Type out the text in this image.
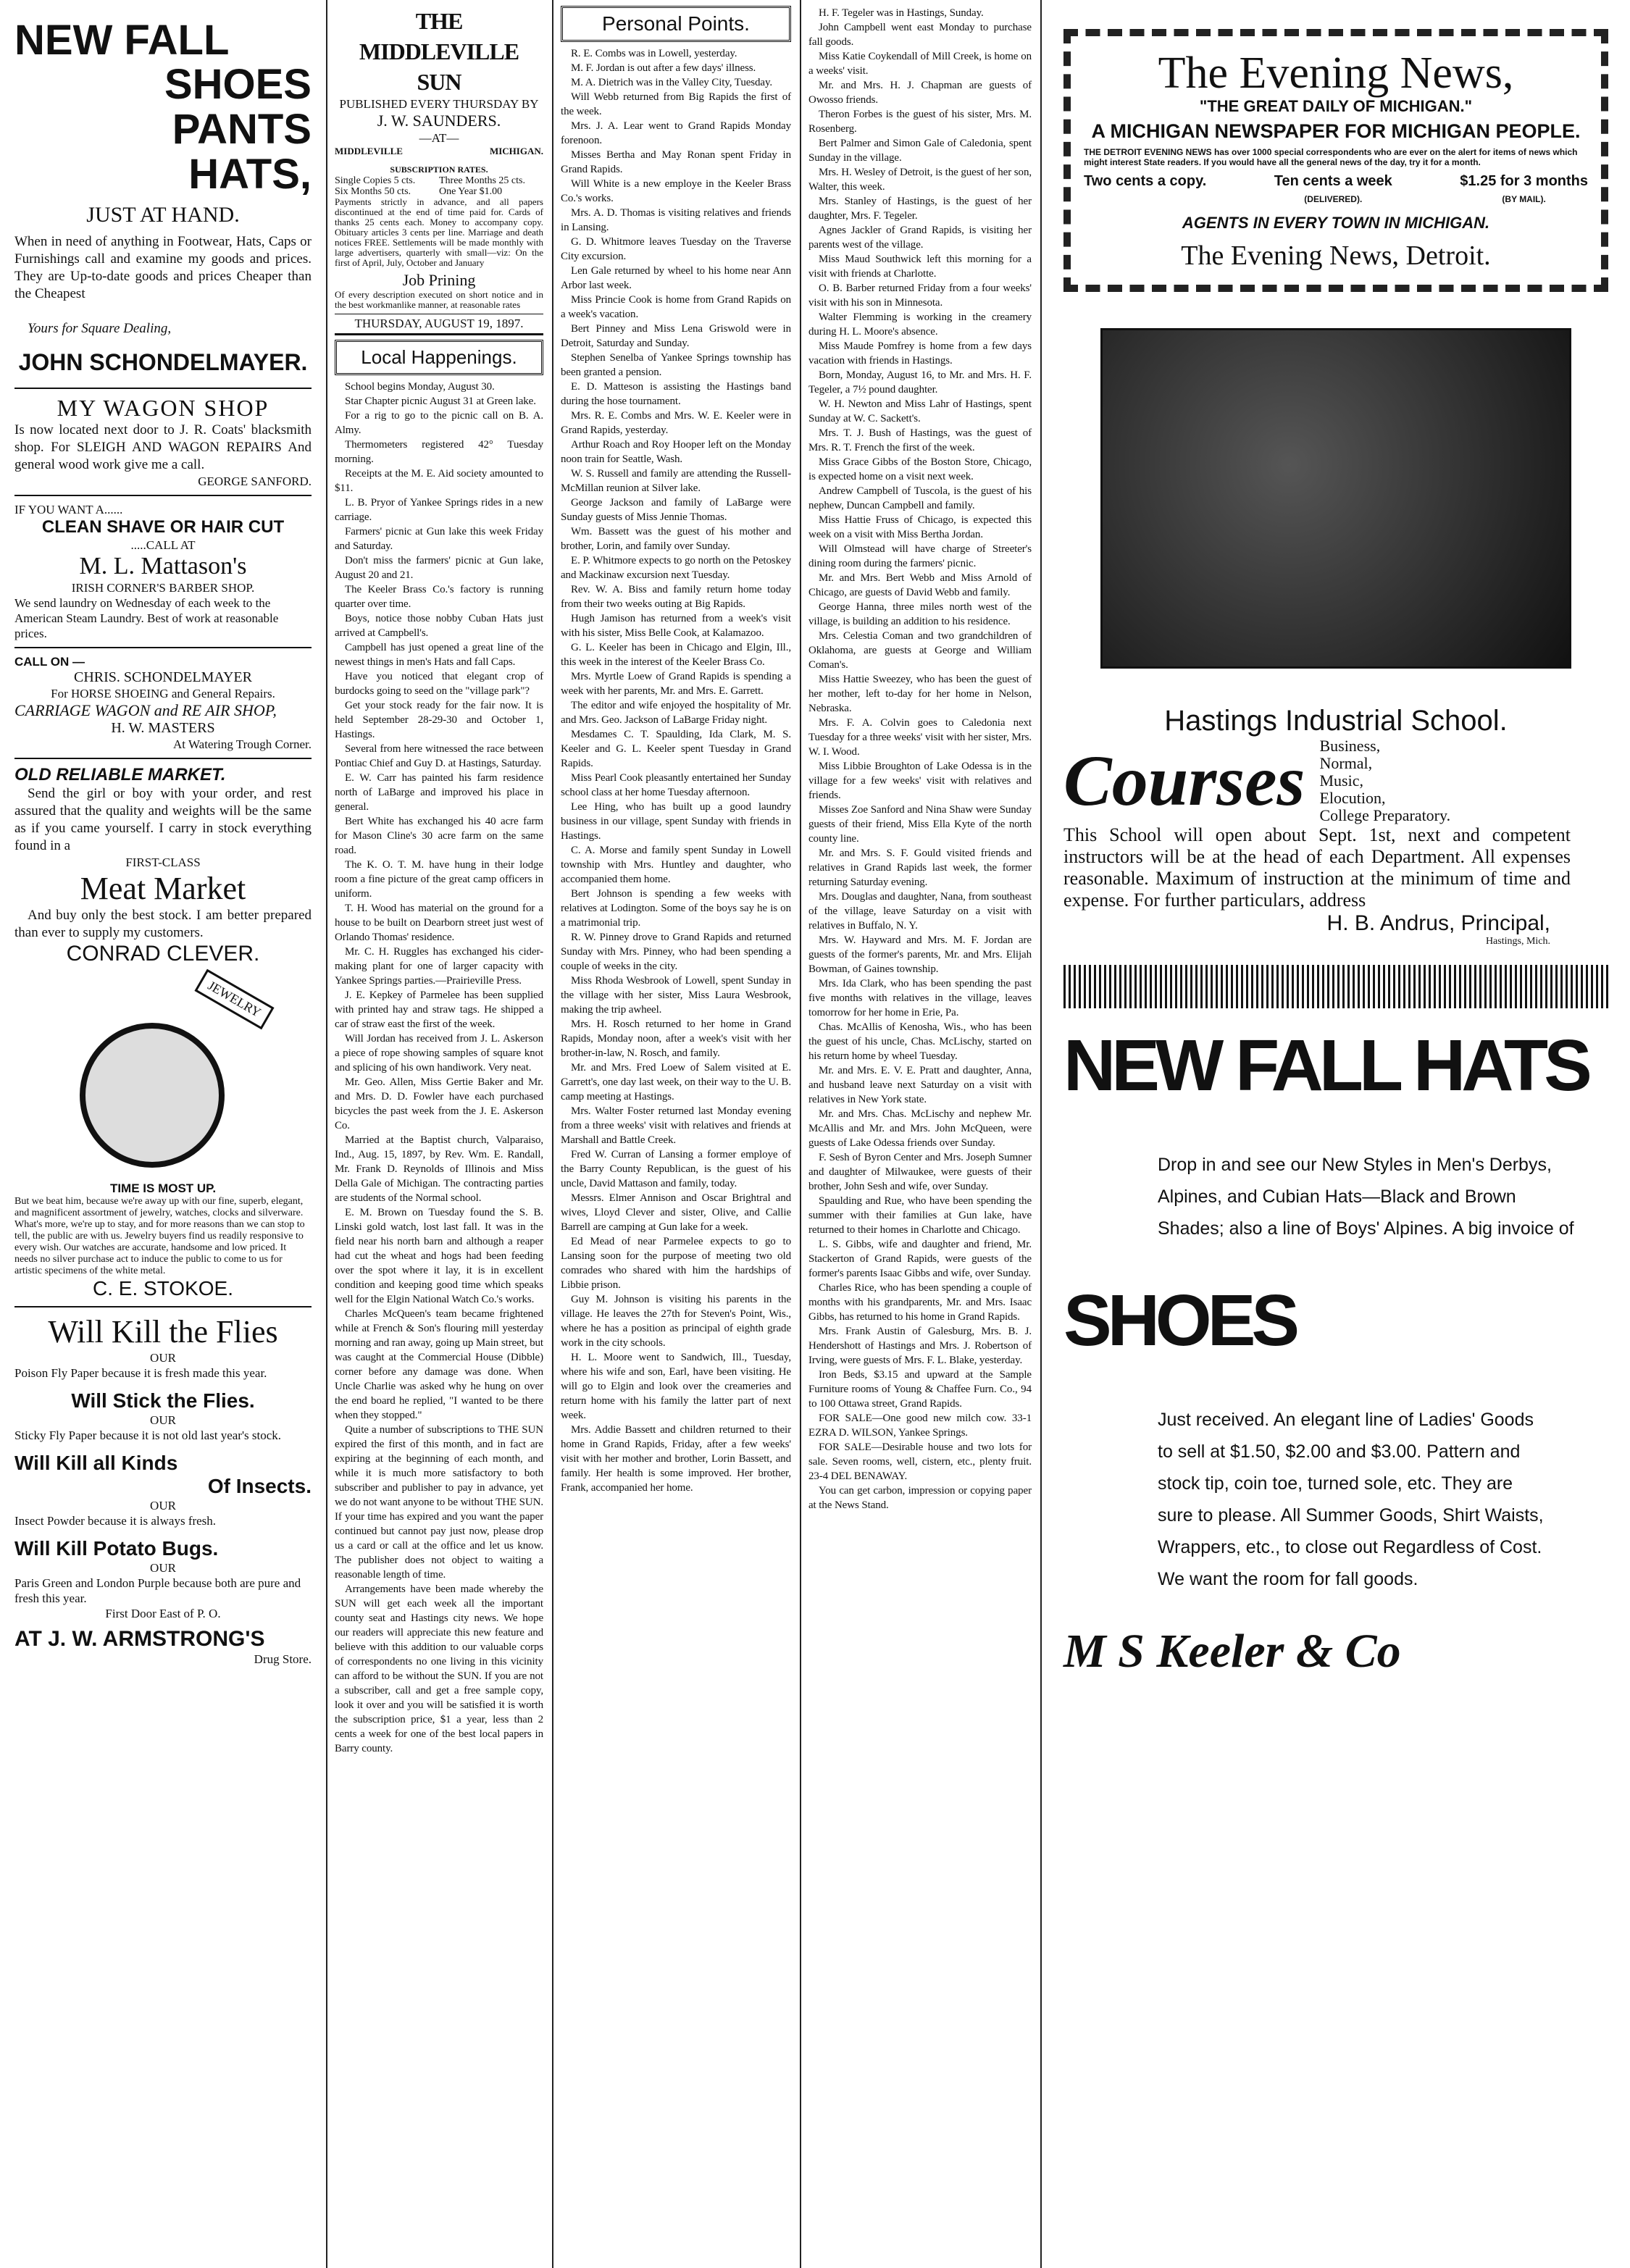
NEW FALL
SHOES
PANTS
HATS,
JUST AT HAND.

When in need of anything in Footwear, Hats, Caps or Furnishings call and examine my goods and prices. They are Up-to-date goods and prices Cheaper than the Cheapest

Yours for Square Dealing,

JOHN SCHONDELMAYER.
MY WAGON SHOP

Is now located next door to J. R. Coats' blacksmith shop. For SLEIGH AND WAGON REPAIRS And general wood work give me a call.

GEORGE SANFORD.
IF YOU WANT A......
CLEAN SHAVE OR HAIR CUT
.....CALL AT
M. L. Mattason's
IRISH CORNER'S BARBER SHOP.

We send laundry on Wednesday of each week to the American Steam Laundry. Best of work at reasonable prices.

CALL ON —
CHRIS. SCHONDELMAYER
For HORSE SHOEING and General Repairs.
CARRIAGE WAGON and RE AIR SHOP,
H. W. MASTERS
At Watering Trough Corner.
OLD RELIABLE MARKET.

Send the girl or boy with your order, and rest assured that the quality and weights will be the same as if you came yourself. I carry in stock everything found in a

FIRST-CLASS
Meat Market

And buy only the best stock. I am better prepared than ever to supply my customers.

CONRAD CLEVER.
JEWELRY
TIME IS MOST UP.

But we beat him, because we're away up with our fine, superb, elegant, and magnificent assortment of jewelry, watches, clocks and silverware. What's more, we're up to stay, and for more reasons than we can stop to tell, the public are with us. Jewelry buyers find us readily responsive to every wish. Our watches are accurate, handsome and low priced. It needs no silver purchase act to induce the public to come to us for artistic specimens of the white metal.

C. E. STOKOE.
Will Kill the Flies
OUR

Poison Fly Paper because it is fresh made this year.

Will Stick the Flies.
OUR

Sticky Fly Paper because it is not old last year's stock.

Will Kill all Kinds
Of Insects.
OUR

Insect Powder because it is always fresh.

Will Kill Potato Bugs.
OUR

Paris Green and London Purple because both are pure and fresh this year.

First Door East of P. O.
AT J. W. ARMSTRONG'S
Drug Store.
THE MIDDLEVILLE SUN
PUBLISHED EVERY THURSDAY BY
J. W. SAUNDERS.
—AT—
MIDDLEVILLE	MICHIGAN.
SUBSCRIPTION RATES.
Single Copies 5 cts.	Three Months 25 cts.
Six Months 50 cts.	One Year $1.00

Payments strictly in advance, and all papers discontinued at the end of time paid for. Cards of thanks 25 cents each. Money to accompany copy. Obituary articles 3 cents per line. Marriage and death notices FREE. Settlements will be made monthly with large advertisers, quarterly with small—viz: On the first of April, July, October and January

Job Prining

Of every description executed on short notice and in the best workmanlike manner, at reasonable rates

THURSDAY, AUGUST 19, 1897.
Local Happenings.

School begins Monday, August 30.

Star Chapter picnic August 31 at Green lake.

For a rig to go to the picnic call on B. A. Almy.

Thermometers registered 42° Tuesday morning.

Receipts at the M. E. Aid society amounted to $11.

L. B. Pryor of Yankee Springs rides in a new carriage.

Farmers' picnic at Gun lake this week Friday and Saturday.

Don't miss the farmers' picnic at Gun lake, August 20 and 21.

The Keeler Brass Co.'s factory is running quarter over time.

Boys, notice those nobby Cuban Hats just arrived at Campbell's.

Campbell has just opened a great line of the newest things in men's Hats and fall Caps.

Have you noticed that elegant crop of burdocks going to seed on the "village park"?

Get your stock ready for the fair now. It is held September 28-29-30 and October 1, Hastings.

Several from here witnessed the race between Pontiac Chief and Guy D. at Hastings, Saturday.

E. W. Carr has painted his farm residence north of LaBarge and improved his place in general.

Bert White has exchanged his 40 acre farm for Mason Cline's 30 acre farm on the same road.

The K. O. T. M. have hung in their lodge room a fine picture of the great camp officers in uniform.

T. H. Wood has material on the ground for a house to be built on Dearborn street just west of Orlando Thomas' residence.

Mr. C. H. Ruggles has exchanged his cider-making plant for one of larger capacity with Yankee Springs parties.—Prairieville Press.

J. E. Kepkey of Parmelee has been supplied with printed hay and straw tags. He shipped a car of straw east the first of the week.

Will Jordan has received from J. L. Askerson a piece of rope showing samples of square knot and splicing of his own handiwork. Very neat.

Mr. Geo. Allen, Miss Gertie Baker and Mr. and Mrs. D. D. Fowler have each purchased bicycles the past week from the J. E. Askerson Co.

Married at the Baptist church, Valparaiso, Ind., Aug. 15, 1897, by Rev. Wm. E. Randall, Mr. Frank D. Reynolds of Illinois and Miss Della Gale of Michigan. The contracting parties are students of the Normal school.

E. M. Brown on Tuesday found the S. B. Linski gold watch, lost last fall. It was in the field near his north barn and although a reaper had cut the wheat and hogs had been feeding over the spot where it lay, it is in excellent condition and keeping good time which speaks well for the Elgin National Watch Co.'s works.

Charles McQueen's team became frightened while at French & Son's flouring mill yesterday morning and ran away, going up Main street, but was caught at the Commercial House (Dibble) corner before any damage was done. When Uncle Charlie was asked why he hung on over the end board he replied, "I wanted to be there when they stopped."

Quite a number of subscriptions to THE SUN expired the first of this month, and in fact are expiring at the beginning of each month, and while it is much more satisfactory to both subscriber and publisher to pay in advance, yet we do not want anyone to be without THE SUN. If your time has expired and you want the paper continued but cannot pay just now, please drop us a card or call at the office and let us know. The publisher does not object to waiting a reasonable length of time.

Arrangements have been made whereby the SUN will get each week all the important county seat and Hastings city news. We hope our readers will appreciate this new feature and believe with this addition to our valuable corps of correspondents no one living in this vicinity can afford to be without the SUN. If you are not a subscriber, call and get a free sample copy, look it over and you will be satisfied it is worth the subscription price, $1 a year, less than 2 cents a week for one of the best local papers in Barry county.

Personal Points.

R. E. Combs was in Lowell, yesterday.

M. F. Jordan is out after a few days' illness.

M. A. Dietrich was in the Valley City, Tuesday.

Will Webb returned from Big Rapids the first of the week.

Mrs. J. A. Lear went to Grand Rapids Monday forenoon.

Misses Bertha and May Ronan spent Friday in Grand Rapids.

Will White is a new employe in the Keeler Brass Co.'s works.

Mrs. A. D. Thomas is visiting relatives and friends in Lansing.

G. D. Whitmore leaves Tuesday on the Traverse City excursion.

Len Gale returned by wheel to his home near Ann Arbor last week.

Miss Princie Cook is home from Grand Rapids on a week's vacation.

Bert Pinney and Miss Lena Griswold were in Detroit, Saturday and Sunday.

Stephen Senelba of Yankee Springs township has been granted a pension.

E. D. Matteson is assisting the Hastings band during the hose tournament.

Mrs. R. E. Combs and Mrs. W. E. Keeler were in Grand Rapids, yesterday.

Arthur Roach and Roy Hooper left on the Monday noon train for Seattle, Wash.

W. S. Russell and family are attending the Russell-McMillan reunion at Silver lake.

George Jackson and family of LaBarge were Sunday guests of Miss Jennie Thomas.

Wm. Bassett was the guest of his mother and brother, Lorin, and family over Sunday.

E. P. Whitmore expects to go north on the Petoskey and Mackinaw excursion next Tuesday.

Rev. W. A. Biss and family return home today from their two weeks outing at Big Rapids.

Hugh Jamison has returned from a week's visit with his sister, Miss Belle Cook, at Kalamazoo.

G. L. Keeler has been in Chicago and Elgin, Ill., this week in the interest of the Keeler Brass Co.

Mrs. Myrtle Loew of Grand Rapids is spending a week with her parents, Mr. and Mrs. E. Garrett.

The editor and wife enjoyed the hospitality of Mr. and Mrs. Geo. Jackson of LaBarge Friday night.

Mesdames C. T. Spaulding, Ida Clark, M. S. Keeler and G. L. Keeler spent Tuesday in Grand Rapids.

Miss Pearl Cook pleasantly entertained her Sunday school class at her home Tuesday afternoon.

Lee Hing, who has built up a good laundry business in our village, spent Sunday with friends in Hastings.

C. A. Morse and family spent Sunday in Lowell township with Mrs. Huntley and daughter, who accompanied them home.

Bert Johnson is spending a few weeks with relatives at Lodington. Some of the boys say he is on a matrimonial trip.

R. W. Pinney drove to Grand Rapids and returned Sunday with Mrs. Pinney, who had been spending a couple of weeks in the city.

Miss Rhoda Wesbrook of Lowell, spent Sunday in the village with her sister, Miss Laura Wesbrook, making the trip awheel.

Mrs. H. Rosch returned to her home in Grand Rapids, Monday noon, after a week's visit with her brother-in-law, N. Rosch, and family.

Mr. and Mrs. Fred Loew of Salem visited at E. Garrett's, one day last week, on their way to the U. B. camp meeting at Hastings.

Mrs. Walter Foster returned last Monday evening from a three weeks' visit with relatives and friends at Marshall and Battle Creek.

Fred W. Curran of Lansing a former employe of the Barry County Republican, is the guest of his uncle, David Mattason and family, today.

Messrs. Elmer Annison and Oscar Brightral and wives, Lloyd Clever and sister, Olive, and Callie Barrell are camping at Gun lake for a week.

Ed Mead of near Parmelee expects to go to Lansing soon for the purpose of meeting two old comrades who shared with him the hardships of Libbie prison.

Guy M. Johnson is visiting his parents in the village. He leaves the 27th for Steven's Point, Wis., where he has a position as principal of eighth grade work in the city schools.

H. L. Moore went to Sandwich, Ill., Tuesday, where his wife and son, Earl, have been visiting. He will go to Elgin and look over the creameries and return home with his family the latter part of next week.

Mrs. Addie Bassett and children returned to their home in Grand Rapids, Friday, after a few weeks' visit with her mother and brother, Lorin Bassett, and family. Her health is some improved. Her brother, Frank, accompanied her home.

H. F. Tegeler was in Hastings, Sunday.

John Campbell went east Monday to purchase fall goods.

Miss Katie Coykendall of Mill Creek, is home on a weeks' visit.

Mr. and Mrs. H. J. Chapman are guests of Owosso friends.

Theron Forbes is the guest of his sister, Mrs. M. Rosenberg.

Bert Palmer and Simon Gale of Caledonia, spent Sunday in the village.

Mrs. H. Wesley of Detroit, is the guest of her son, Walter, this week.

Mrs. Stanley of Hastings, is the guest of her daughter, Mrs. F. Tegeler.

Agnes Jackler of Grand Rapids, is visiting her parents west of the village.

Miss Maud Southwick left this morning for a visit with friends at Charlotte.

O. B. Barber returned Friday from a four weeks' visit with his son in Minnesota.

Walter Flemming is working in the creamery during H. L. Moore's absence.

Miss Maude Pomfrey is home from a few days vacation with friends in Hastings.

Born, Monday, August 16, to Mr. and Mrs. H. F. Tegeler, a 7½ pound daughter.

W. H. Newton and Miss Lahr of Hastings, spent Sunday at W. C. Sackett's.

Mrs. T. J. Bush of Hastings, was the guest of Mrs. R. T. French the first of the week.

Miss Grace Gibbs of the Boston Store, Chicago, is expected home on a visit next week.

Andrew Campbell of Tuscola, is the guest of his nephew, Duncan Campbell and family.

Miss Hattie Fruss of Chicago, is expected this week on a visit with Miss Bertha Jordan.

Will Olmstead will have charge of Streeter's dining room during the farmers' picnic.

Mr. and Mrs. Bert Webb and Miss Arnold of Chicago, are guests of David Webb and family.

George Hanna, three miles north west of the village, is building an addition to his residence.

Mrs. Celestia Coman and two grandchildren of Oklahoma, are guests at George and William Coman's.

Miss Hattie Sweezey, who has been the guest of her mother, left to-day for her home in Nelson, Nebraska.

Mrs. F. A. Colvin goes to Caledonia next Tuesday for a three weeks' visit with her sister, Mrs. W. I. Wood.

Miss Libbie Broughton of Lake Odessa is in the village for a few weeks' visit with relatives and friends.

Misses Zoe Sanford and Nina Shaw were Sunday guests of their friend, Miss Ella Kyte of the north county line.

Mr. and Mrs. S. F. Gould visited friends and relatives in Grand Rapids last week, the former returning Saturday evening.

Mrs. Douglas and daughter, Nana, from southeast of the village, leave Saturday on a visit with relatives in Buffalo, N. Y.

Mrs. W. Hayward and Mrs. M. F. Jordan are guests of the former's parents, Mr. and Mrs. Elijah Bowman, of Gaines township.

Mrs. Ida Clark, who has been spending the past five months with relatives in the village, leaves tomorrow for her home in Erie, Pa.

Chas. McAllis of Kenosha, Wis., who has been the guest of his uncle, Chas. McLischy, started on his return home by wheel Tuesday.

Mr. and Mrs. E. V. E. Pratt and daughter, Anna, and husband leave next Saturday on a visit with relatives in New York state.

Mr. and Mrs. Chas. McLischy and nephew Mr. McAllis and Mr. and Mrs. John McQueen, were guests of Lake Odessa friends over Sunday.

F. Sesh of Byron Center and Mrs. Joseph Sumner and daughter of Milwaukee, were guests of their brother, John Sesh and wife, over Sunday.

Spaulding and Rue, who have been spending the summer with their families at Gun lake, have returned to their homes in Charlotte and Chicago.

L. S. Gibbs, wife and daughter and friend, Mr. Stackerton of Grand Rapids, were guests of the former's parents Isaac Gibbs and wife, over Sunday.

Charles Rice, who has been spending a couple of months with his grandparents, Mr. and Mrs. Isaac Gibbs, has returned to his home in Grand Rapids.

Mrs. Frank Austin of Galesburg, Mrs. B. J. Hendershott of Hastings and Mrs. J. Robertson of Irving, were guests of Mrs. F. L. Blake, yesterday.

Iron Beds, $3.15 and upward at the Sample Furniture rooms of Young & Chaffee Furn. Co., 94 to 100 Ottawa street, Grand Rapids.

FOR SALE—One good new milch cow. 33-1 EZRA D. WILSON, Yankee Springs.

FOR SALE—Desirable house and two lots for sale. Seven rooms, well, cistern, etc., plenty fruit. 23-4 DEL BENAWAY.

You can get carbon, impression or copying paper at the News Stand.

The Evening News,
"THE GREAT DAILY OF MICHIGAN."
A MICHIGAN NEWSPAPER FOR MICHIGAN PEOPLE.

THE DETROIT EVENING NEWS has over 1000 special correspondents who are ever on the alert for items of news which might interest State readers. If you would have all the general news of the day, try it for a month.

Two cents a copy.	Ten cents a week
(DELIVERED).
$1.25 for 3 months
(BY MAIL).
AGENTS IN EVERY TOWN IN MICHIGAN.
The Evening News, Detroit.
Hastings Industrial School.
Courses Business,
Normal,
Music,
Elocution,
College Preparatory.

This School will open about Sept. 1st, next and competent instructors will be at the head of each Department. All expenses reasonable. Maximum of instruction at the minimum of time and expense. For further particulars, address

H. B. Andrus, Principal,
Hastings, Mich.
NEW FALL HATS

Drop in and see our New Styles in Men's Derbys, Alpines, and Cubian Hats—Black and Brown Shades; also a line of Boys' Alpines. A big invoice of

SHOES

Just received. An elegant line of Ladies' Goods to sell at $1.50, $2.00 and $3.00. Pattern and stock tip, coin toe, turned sole, etc. They are sure to please. All Summer Goods, Shirt Waists, Wrappers, etc., to close out Regardless of Cost. We want the room for fall goods.

M S Keeler & Co
